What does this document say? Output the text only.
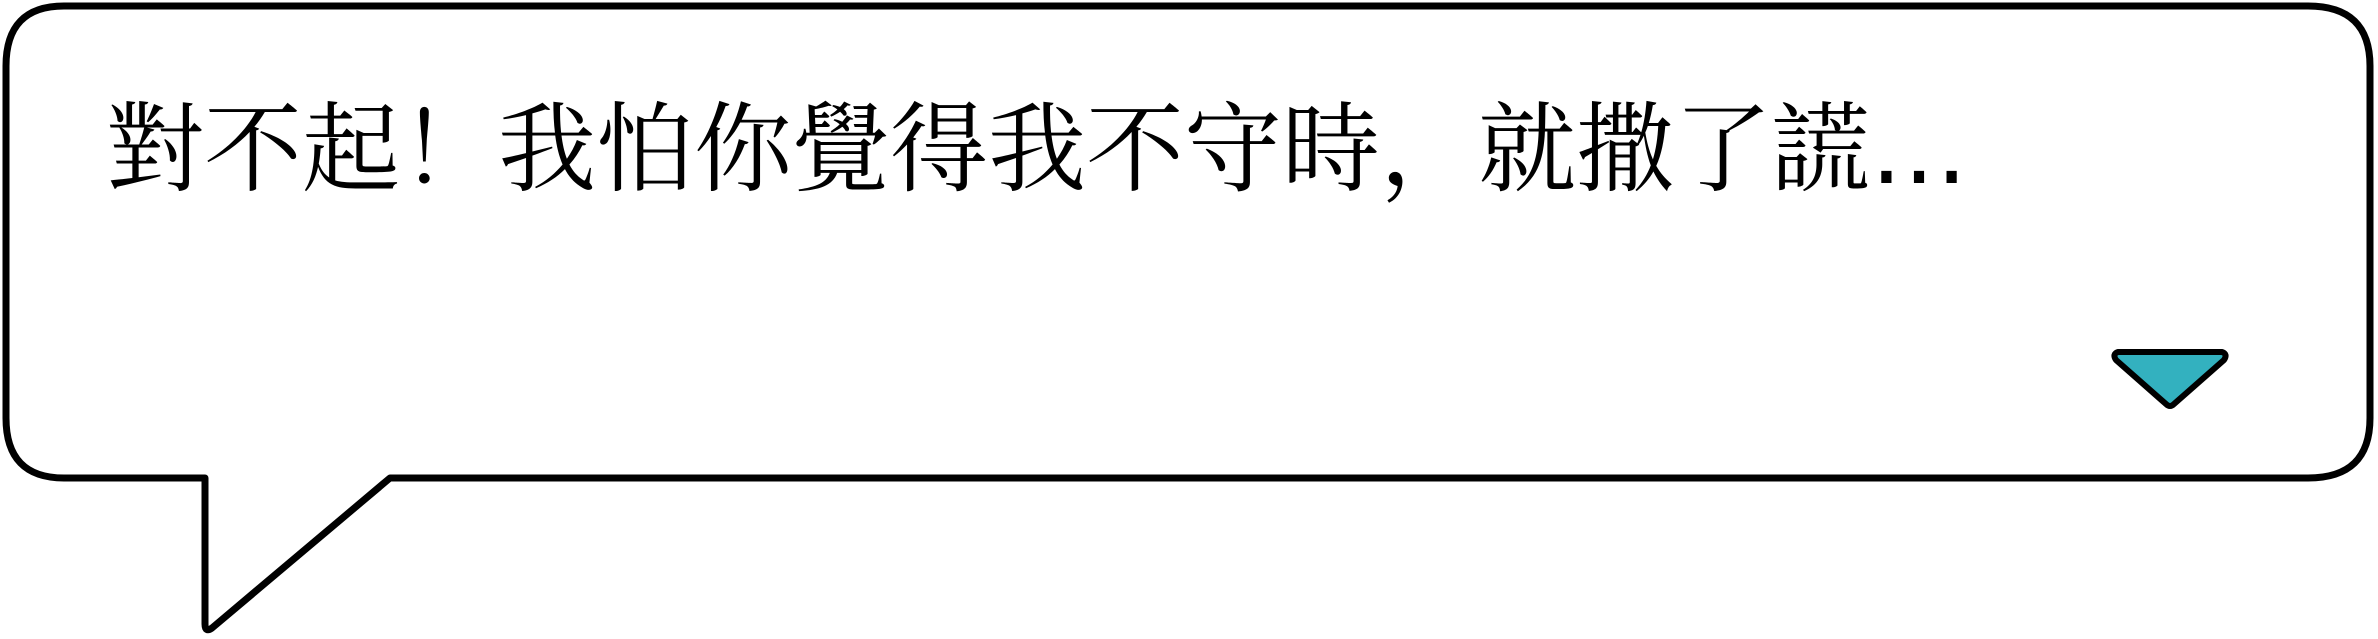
對不起！我怕你覺得我不守時，就撒了謊…
